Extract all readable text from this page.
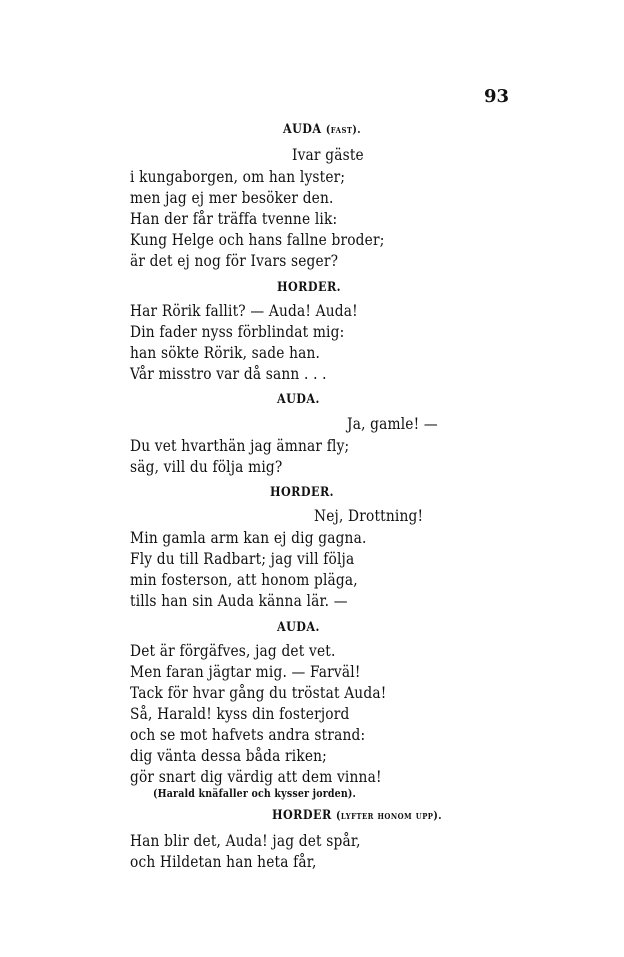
93
AUDA (fast).
Ivar gäste
i kungaborgen, om han lyster;
men jag ej mer besöker den.
Han der får träffa tvenne lik:
Kung Helge och hans fallne broder;
är det ej nog för Ivars seger?
HORDER.
Har Rörik fallit? — Auda! Auda!
Din fader nyss förblindat mig:
han sökte Rörik, sade han.
Vår misstro var då sann . . .
AUDA.
Ja, gamle! —
Du vet hvarthän jag ämnar fly;
säg, vill du följa mig?
HORDER.
Nej, Drottning!
Min gamla arm kan ej dig gagna.
Fly du till Radbart; jag vill följa
min fosterson, att honom pläga,
tills han sin Auda känna lär. —
AUDA.
Det är förgäfves, jag det vet.
Men faran jägtar mig. — Farväl!
Tack för hvar gång du tröstat Auda!
Så, Harald! kyss din fosterjord
och se mot hafvets andra strand:
dig vänta dessa båda riken;
gör snart dig värdig att dem vinna!
(Harald knäfaller och kysser jorden).
HORDER (lyfter honom upp).
Han blir det, Auda! jag det spår,
och Hildetan han heta får,
